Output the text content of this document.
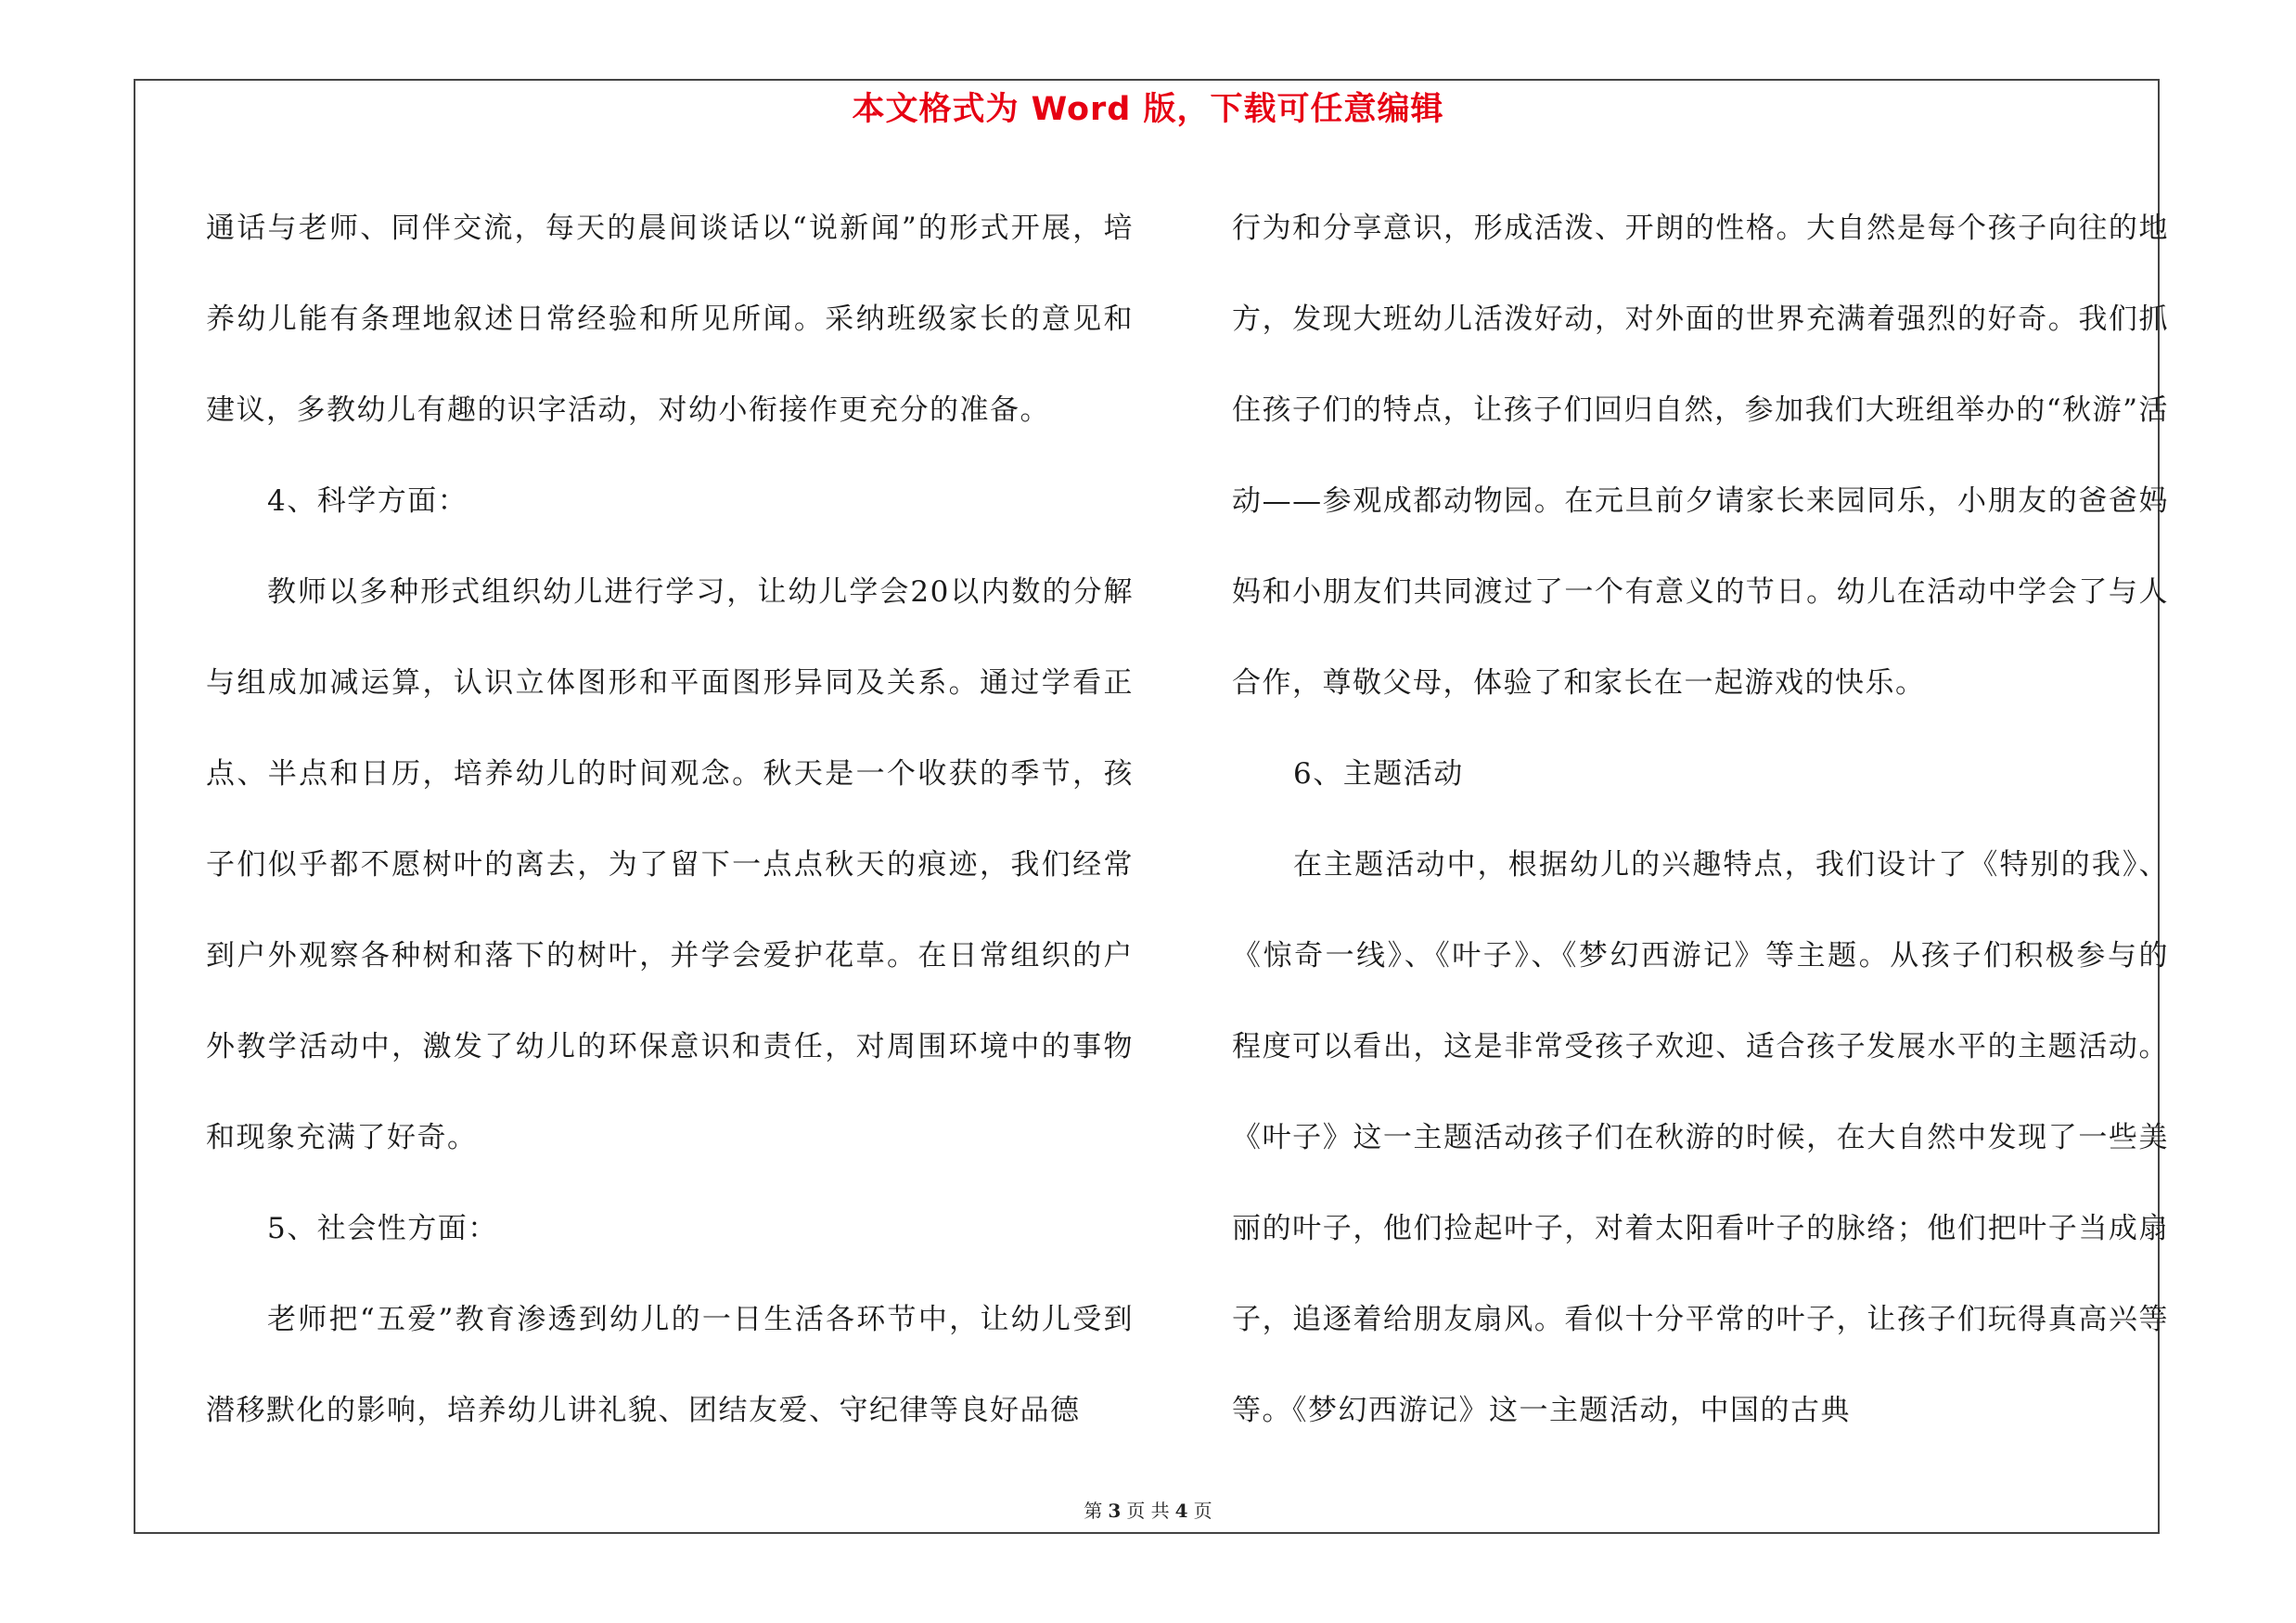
本文格式为 Word 版，下载可任意编辑

通话与老师、同伴交流，每天的晨间谈话以“说新闻”的形式开展，培养幼儿能有条理地叙述日常经验和所见所闻。采纳班级家长的意见和建议，多教幼儿有趣的识字活动，对幼小衔接作更充分的准备。

4、科学方面：

教师以多种形式组织幼儿进行学习，让幼儿学会20以内数的分解与组成加减运算，认识立体图形和平面图形异同及关系。通过学看正点、半点和日历，培养幼儿的时间观念。秋天是一个收获的季节，孩子们似乎都不愿树叶的离去，为了留下一点点秋天的痕迹，我们经常到户外观察各种树和落下的树叶，并学会爱护花草。在日常组织的户外教学活动中，激发了幼儿的环保意识和责任，对周围环境中的事物和现象充满了好奇。

5、社会性方面：

老师把“五爱”教育渗透到幼儿的一日生活各环节中，让幼儿受到潜移默化的影响，培养幼儿讲礼貌、团结友爱、守纪律等良好品德

行为和分享意识，形成活泼、开朗的性格。大自然是每个孩子向往的地方，发现大班幼儿活泼好动，对外面的世界充满着强烈的好奇。我们抓住孩子们的特点，让孩子们回归自然，参加我们大班组举办的“秋游”活动——参观成都动物园。在元旦前夕请家长来园同乐，小朋友的爸爸妈妈和小朋友们共同渡过了一个有意义的节日。幼儿在活动中学会了与人合作，尊敬父母，体验了和家长在一起游戏的快乐。

6、主题活动

在主题活动中，根据幼儿的兴趣特点，我们设计了《特别的我》、《惊奇一线》、《叶子》、《梦幻西游记》等主题。从孩子们积极参与的程度可以看出，这是非常受孩子欢迎、适合孩子发展水平的主题活动。《叶子》这一主题活动孩子们在秋游的时候，在大自然中发现了一些美丽的叶子，他们捡起叶子，对着太阳看叶子的脉络；他们把叶子当成扇子，追逐着给朋友扇风。看似十分平常的叶子，让孩子们玩得真高兴等等。《梦幻西游记》这一主题活动，中国的古典

第 3 页 共 4 页
